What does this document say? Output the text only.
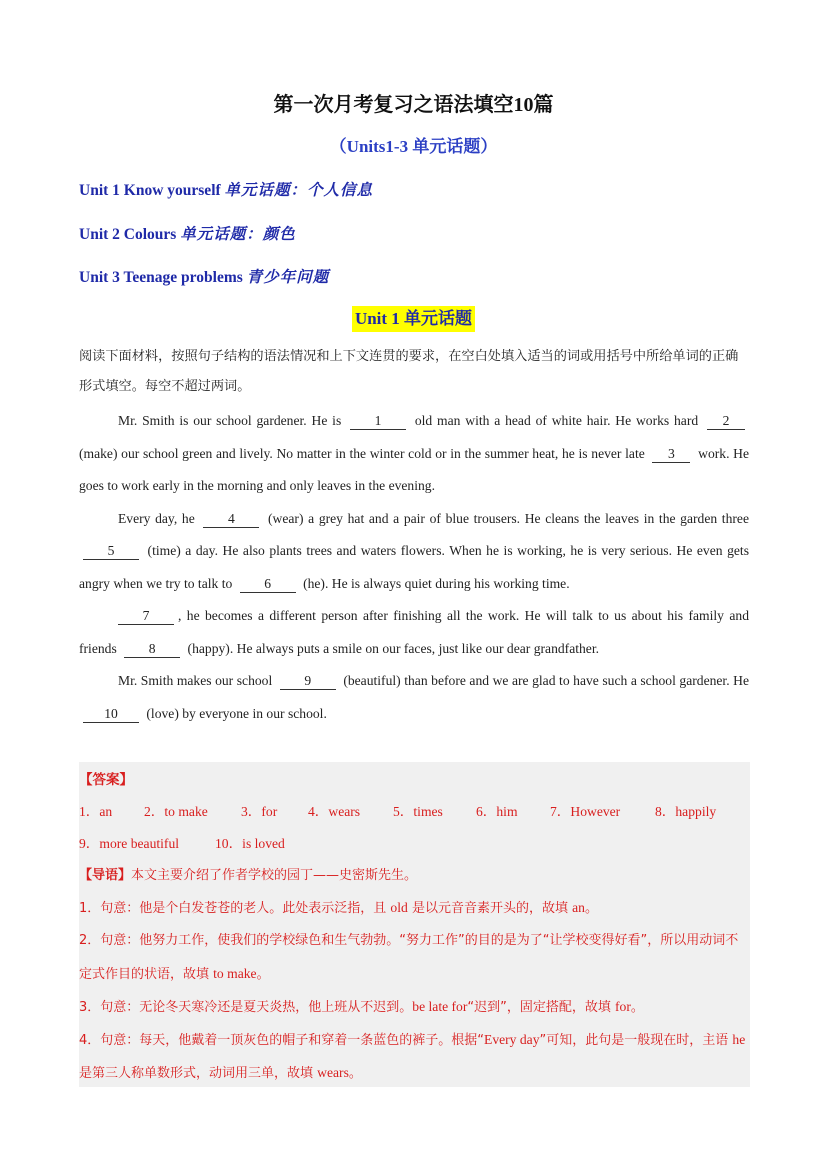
第一次月考复习之语法填空10篇
（Units1-3 单元话题）
Unit 1 Know yourself 单元话题：个人信息
Unit 2 Colours 单元话题：颜色
Unit 3 Teenage problems 青少年问题
Unit 1 单元话题
阅读下面材料，按照句子结构的语法情况和上下文连贯的要求，在空白处填入适当的词或用括号中所给单词的正确形式填空。每空不超过两词。

Mr. Smith is our school gardener. He is 1 old man with a head of white hair. He works hard 2 (make) our school green and lively. No matter in the winter cold or in the summer heat, he is never late 3 work. He goes to work early in the morning and only leaves in the evening.

Every day, he 4 (wear) a grey hat and a pair of blue trousers. He cleans the leaves in the garden three 5 (time) a day. He also plants trees and waters flowers. When he is working, he is very serious. He even gets angry when we try to talk to 6 (he). He is always quiet during his working time.

7 , he becomes a different person after finishing all the work. He will talk to us about his family and friends 8 (happy). He always puts a smile on our faces, just like our dear grandfather.

Mr. Smith makes our school 9 (beautiful) than before and we are glad to have such a school gardener. He 10 (love) by everyone in our school.

【答案】
1．an 2．to make 3．for 4．wears 5．times 6．him 7．However	8．happily
9．more beautiful	10．is loved

【导语】本文主要介绍了作者学校的园丁——史密斯先生。

1．句意：他是个白发苍苍的老人。此处表示泛指，且 old 是以元音音素开头的，故填 an。

2．句意：他努力工作，使我们的学校绿色和生气勃勃。“努力工作”的目的是为了“让学校变得好看”，所以用动词不定式作目的状语，故填 to make。

3．句意：无论冬天寒冷还是夏天炎热，他上班从不迟到。be late for“迟到”，固定搭配，故填 for。

4．句意：每天，他戴着一顶灰色的帽子和穿着一条蓝色的裤子。根据“Every day”可知，此句是一般现在时，主语 he 是第三人称单数形式，动词用三单，故填 wears。
